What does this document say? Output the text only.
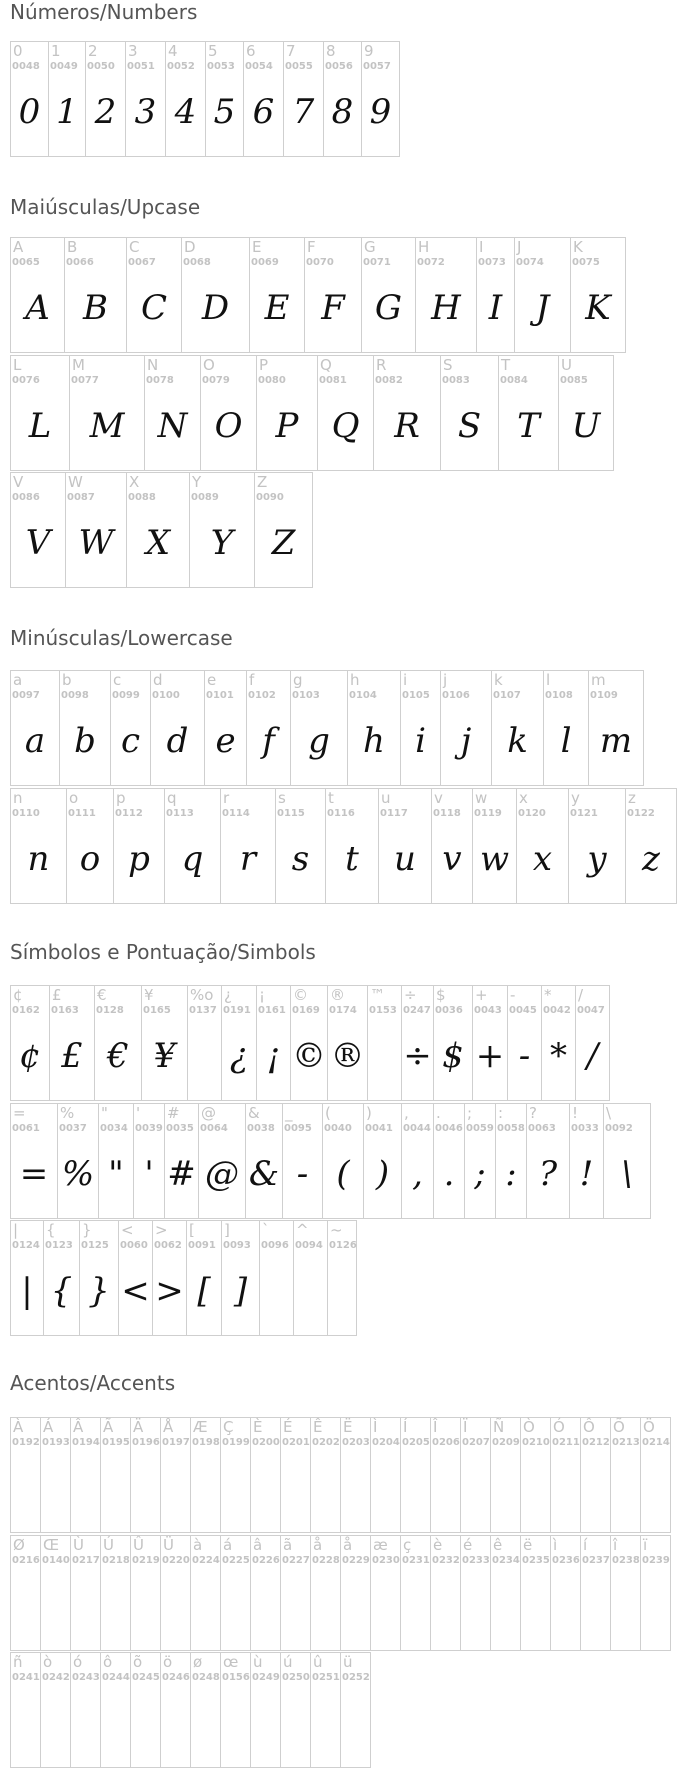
Números/Numbers
0
0048
0
1
0049
1
2
0050
2
3
0051
3
4
0052
4
5
0053
5
6
0054
6
7
0055
7
8
0056
8
9
0057
9
Maiúsculas/Upcase
A
0065
A
B
0066
B
C
0067
C
D
0068
D
E
0069
E
F
0070
F
G
0071
G
H
0072
H
I
0073
I
J
0074
J
K
0075
K
L
0076
L
M
0077
M
N
0078
N
O
0079
O
P
0080
P
Q
0081
Q
R
0082
R
S
0083
S
T
0084
T
U
0085
U
V
0086
V
W
0087
W
X
0088
X
Y
0089
Y
Z
0090
Z
Minúsculas/Lowercase
a
0097
a
b
0098
b
c
0099
c
d
0100
d
e
0101
e
f
0102
f
g
0103
g
h
0104
h
i
0105
i
j
0106
j
k
0107
k
l
0108
l
m
0109
m
n
0110
n
o
0111
o
p
0112
p
q
0113
q
r
0114
r
s
0115
s
t
0116
t
u
0117
u
v
0118
v
w
0119
w
x
0120
x
y
0121
y
z
0122
z
Símbolos e Pontuação/Simbols
¢
0162
¢
£
0163
£
€
0128
€
¥
0165
¥
%o
0137
¿
0191
¿
¡
0161
¡
©
0169
©
®
0174
®
™
0153
÷
0247
÷
$
0036
$
+
0043
+
-
0045
-
*
0042
*
/
0047
/
=
0061
=
%
0037
%
"
0034
"
'
0039
'
#
0035
#
@
0064
@
&
0038
&
_
0095
-
(
0040
(
)
0041
)
,
0044
,
.
0046
.
;
0059
;
:
0058
:
?
0063
?
!
0033
!
\
0092
\
|
0124
|
{
0123
{
}
0125
}
<
0060
<
>
0062
>
[
0091
[
]
0093
]
`
0096
^
0094
~
0126
Acentos/Accents
À
0192
Á
0193
Â
0194
Ã
0195
Ä
0196
Å
0197
Æ
0198
Ç
0199
È
0200
É
0201
Ê
0202
Ë
0203
Ì
0204
Í
0205
Î
0206
Ï
0207
Ñ
0209
Ò
0210
Ó
0211
Ô
0212
Õ
0213
Ö
0214
Ø
0216
Œ
0140
Ù
0217
Ú
0218
Û
0219
Ü
0220
à
0224
á
0225
â
0226
ã
0227
å
0228
å
0229
æ
0230
ç
0231
è
0232
é
0233
ê
0234
ë
0235
ì
0236
í
0237
î
0238
ï
0239
ñ
0241
ò
0242
ó
0243
ô
0244
õ
0245
ö
0246
ø
0248
œ
0156
ù
0249
ú
0250
û
0251
ü
0252
